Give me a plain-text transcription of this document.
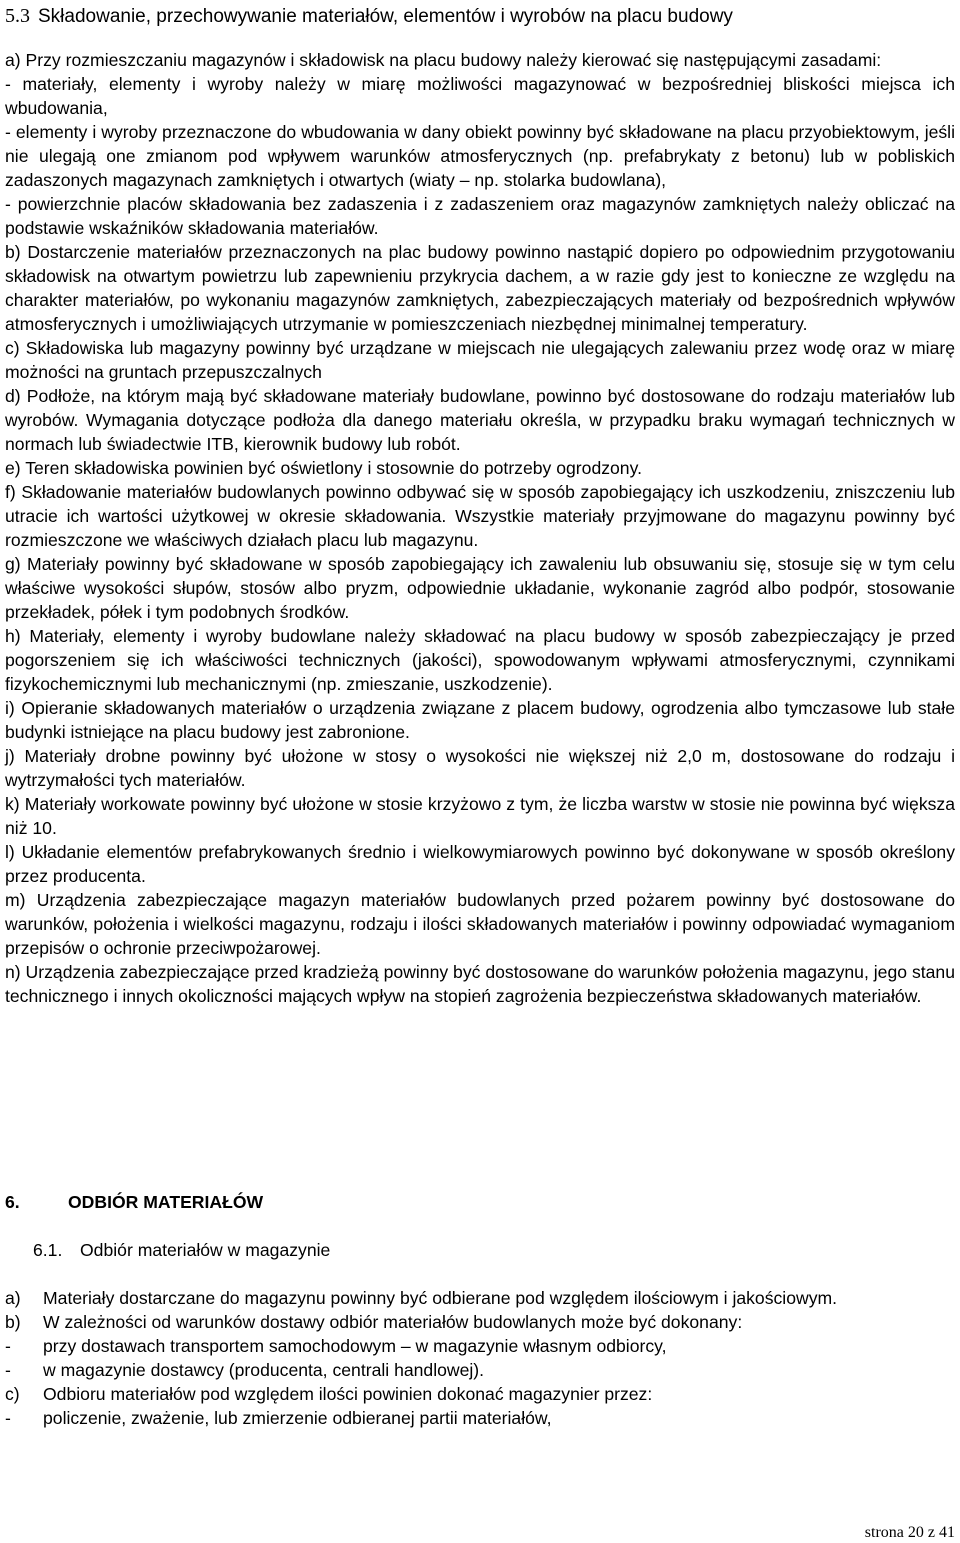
5.3 Składowanie, przechowywanie materiałów, elementów i wyrobów na placu budowy

a) Przy rozmieszczaniu magazynów i składowisk na placu budowy należy kierować się następującymi zasadami:

- materiały, elementy i wyroby należy w miarę możliwości magazynować w bezpośredniej bliskości miejsca ich wbudowania,

- elementy i wyroby przeznaczone do wbudowania w dany obiekt powinny być składowane na placu przyobiektowym, jeśli nie ulegają one zmianom pod wpływem warunków atmosferycznych (np. prefabrykaty z betonu) lub w pobliskich zadaszonych magazynach zamkniętych i otwartych (wiaty – np. stolarka budowlana),

- powierzchnie placów składowania bez zadaszenia i z zadaszeniem oraz magazynów zamkniętych należy obliczać na podstawie wskaźników składowania materiałów.

b) Dostarczenie materiałów przeznaczonych na plac budowy powinno nastąpić dopiero po odpowiednim przygotowaniu składowisk na otwartym powietrzu lub zapewnieniu przykrycia dachem, a w razie gdy jest to konieczne ze względu na charakter materiałów, po wykonaniu magazynów zamkniętych, zabezpieczających materiały od bezpośrednich wpływów atmosferycznych i umożliwiających utrzymanie w pomieszczeniach niezbędnej minimalnej temperatury.

c) Składowiska lub magazyny powinny być urządzane w miejscach nie ulegających zalewaniu przez wodę oraz w miarę możności na gruntach przepuszczalnych

d) Podłoże, na którym mają być składowane materiały budowlane, powinno być dostosowane do rodzaju materiałów lub wyrobów. Wymagania dotyczące podłoża dla danego materiału określa, w przypadku braku wymagań technicznych w normach lub świadectwie ITB, kierownik budowy lub robót.

e) Teren składowiska powinien być oświetlony i stosownie do potrzeby ogrodzony.

f) Składowanie materiałów budowlanych powinno odbywać się w sposób zapobiegający ich uszkodzeniu, zniszczeniu lub utracie ich wartości użytkowej w okresie składowania. Wszystkie materiały przyjmowane do magazynu powinny być rozmieszczone we właściwych działach placu lub magazynu.

g) Materiały powinny być składowane w sposób zapobiegający ich zawaleniu lub obsuwaniu się, stosuje się w tym celu właściwe wysokości słupów, stosów albo pryzm, odpowiednie układanie, wykonanie zagród albo podpór, stosowanie przekładek, półek i tym podobnych środków.

h) Materiały, elementy i wyroby budowlane należy składować na placu budowy w sposób zabezpieczający je przed pogorszeniem się ich właściwości technicznych (jakości), spowodowanym wpływami atmosferycznymi, czynnikami fizykochemicznymi lub mechanicznymi (np. zmieszanie, uszkodzenie).

i) Opieranie składowanych materiałów o urządzenia związane z placem budowy, ogrodzenia albo tymczasowe lub stałe budynki istniejące na placu budowy jest zabronione.

j) Materiały drobne powinny być ułożone w stosy o wysokości nie większej niż 2,0 m, dostosowane do rodzaju i wytrzymałości tych materiałów.

k) Materiały workowate powinny być ułożone w stosie krzyżowo z tym, że liczba warstw w stosie nie powinna być większa niż 10.

l) Układanie elementów prefabrykowanych średnio i wielkowymiarowych powinno być dokonywane w sposób określony przez producenta.

m) Urządzenia zabezpieczające magazyn materiałów budowlanych przed pożarem powinny być dostosowane do warunków, położenia i wielkości magazynu, rodzaju i ilości składowanych materiałów i powinny odpowiadać wymaganiom przepisów o ochronie przeciwpożarowej.

n) Urządzenia zabezpieczające przed kradzieżą powinny być dostosowane do warunków położenia magazynu, jego stanu technicznego i innych okoliczności mających wpływ na stopień zagrożenia bezpieczeństwa składowanych materiałów.

6.	ODBIÓR MATERIAŁÓW
6.1. Odbiór materiałów w magazynie
a)	Materiały dostarczane do magazynu powinny być odbierane pod względem ilościowym i jakościowym.
b)	W zależności od warunków dostawy odbiór materiałów budowlanych może być dokonany:
-	przy dostawach transportem samochodowym – w magazynie własnym odbiorcy,
-	w magazynie dostawcy (producenta, centrali handlowej).
c)	Odbioru materiałów pod względem ilości powinien dokonać magazynier przez:
-	policzenie, zważenie, lub zmierzenie odbieranej partii materiałów,
strona 20 z 41
